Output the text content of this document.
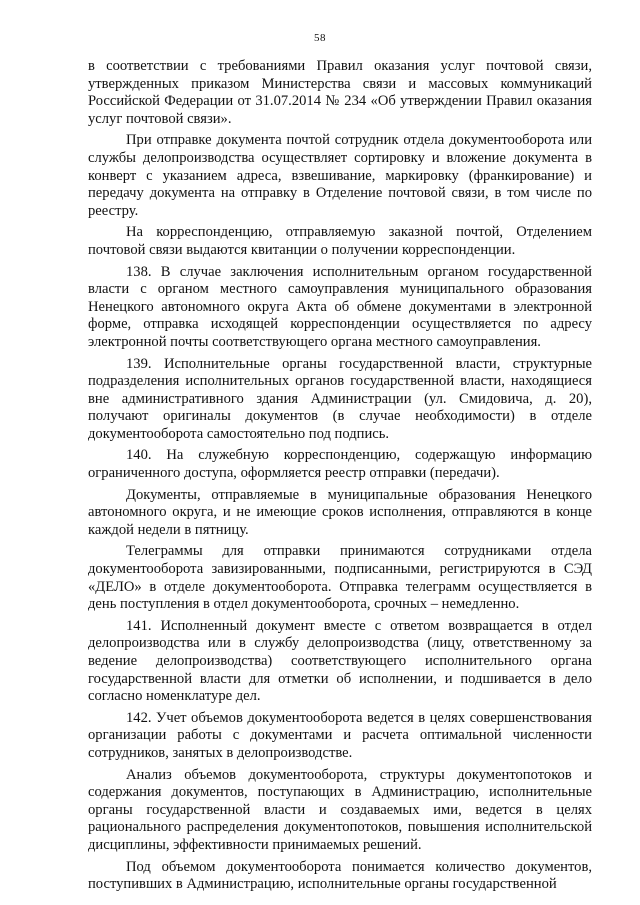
58

в соответствии с требованиями Правил оказания услуг почтовой связи, утвержденных приказом Министерства связи и массовых коммуникаций Российской Федерации от 31.07.2014 № 234 «Об утверждении Правил оказания услуг почтовой связи».

При отправке документа почтой сотрудник отдела документооборота или службы делопроизводства осуществляет сортировку и вложение документа в конверт с указанием адреса, взвешивание, маркировку (франкирование) и передачу документа на отправку в Отделение почтовой связи, в том числе по реестру.

На корреспонденцию, отправляемую заказной почтой, Отделением почтовой связи выдаются квитанции о получении корреспонденции.

138. В случае заключения исполнительным органом государственной власти с органом местного самоуправления муниципального образования Ненецкого автономного округа Акта об обмене документами в электронной форме, отправка исходящей корреспонденции осуществляется по адресу электронной почты соответствующего органа местного самоуправления.

139. Исполнительные органы государственной власти, структурные подразделения исполнительных органов государственной власти, находящиеся вне административного здания Администрации (ул. Смидовича, д. 20), получают оригиналы документов (в случае необходимости) в отделе документооборота самостоятельно под подпись.

140. На служебную корреспонденцию, содержащую информацию ограниченного доступа, оформляется реестр отправки (передачи).

Документы, отправляемые в муниципальные образования Ненецкого автономного округа, и не имеющие сроков исполнения, отправляются в конце каждой недели в пятницу.

Телеграммы для отправки принимаются сотрудниками отдела документооборота завизированными, подписанными, регистрируются в СЭД «ДЕЛО» в отделе документооборота. Отправка телеграмм осуществляется в день поступления в отдел документооборота, срочных – немедленно.

141. Исполненный документ вместе с ответом возвращается в отдел делопроизводства или в службу делопроизводства (лицу, ответственному за ведение делопроизводства) соответствующего исполнительного органа государственной власти для отметки об исполнении, и подшивается в дело согласно номенклатуре дел.

142. Учет объемов документооборота ведется в целях совершенствования организации работы с документами и расчета оптимальной численности сотрудников, занятых в делопроизводстве.

Анализ объемов документооборота, структуры документопотоков и содержания документов, поступающих в Администрацию, исполнительные органы государственной власти и создаваемых ими, ведется в целях рационального распределения документопотоков, повышения исполнительской дисциплины, эффективности принимаемых решений.

Под объемом документооборота понимается количество документов, поступивших в Администрацию, исполнительные органы государственной
